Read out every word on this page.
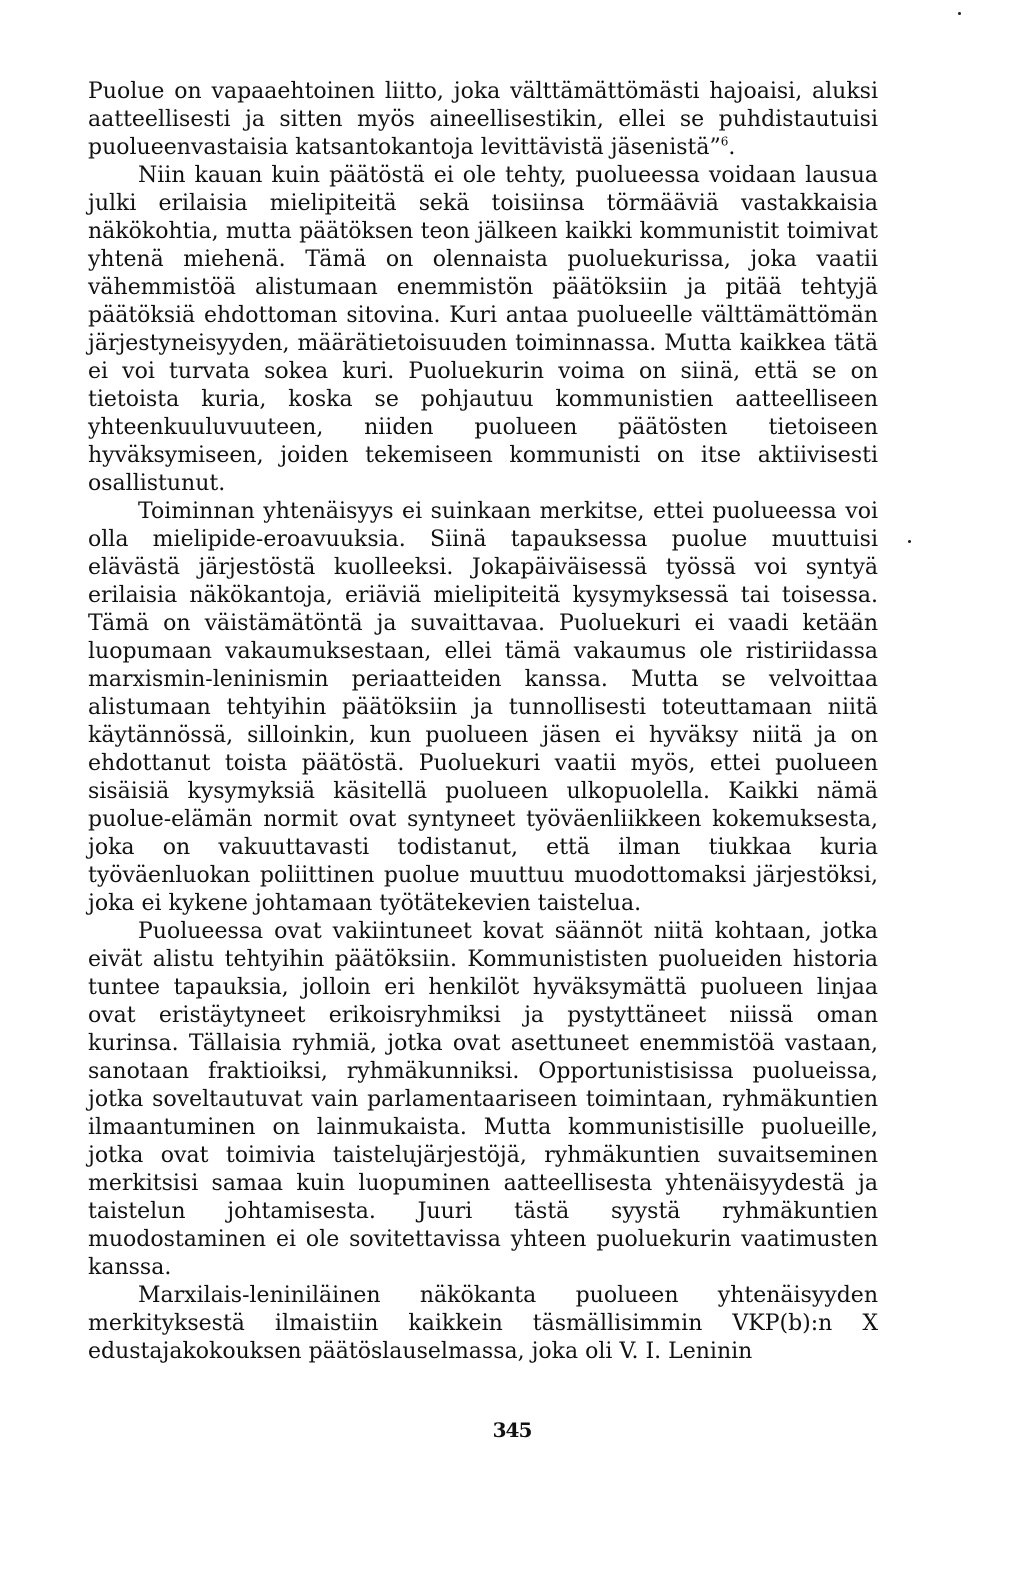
Puolue on vapaaehtoinen liitto, joka välttämättömästi hajoaisi, aluksi aatteellisesti ja sitten myös aineellisestikin, ellei se puhdistautuisi puolueenvastaisia katsantokantoja levittävistä jäsenistä”$^6$.

Niin kauan kuin päätöstä ei ole tehty, puolueessa voidaan lausua julki erilaisia mielipiteitä sekä toisiinsa törmääviä vastakkaisia näkökohtia, mutta päätöksen teon jälkeen kaikki kommunistit toimivat yhtenä miehenä. Tämä on olennaista puoluekurissa, joka vaatii vähemmistöä alistumaan enemmistön päätöksiin ja pitää tehtyjä päätöksiä ehdottoman sitovina. Kuri antaa puolueelle välttämättömän järjestyneisyyden, määrätietoisuuden toiminnassa. Mutta kaikkea tätä ei voi turvata sokea kuri. Puoluekurin voima on siinä, että se on tietoista kuria, koska se pohjautuu kommunistien aatteelliseen yhteenkuuluvuuteen, niiden puolueen päätösten tietoiseen hyväksymiseen, joiden tekemiseen kommunisti on itse aktiivisesti osallistunut.

Toiminnan yhtenäisyys ei suinkaan merkitse, ettei puolueessa voi olla mielipide-eroavuuksia. Siinä tapauksessa puolue muuttuisi elävästä järjestöstä kuolleeksi. Jokapäiväisessä työssä voi syntyä erilaisia näkökantoja, eriäviä mielipiteitä kysymyksessä tai toisessa. Tämä on väistämätöntä ja suvaittavaa. Puoluekuri ei vaadi ketään luopumaan vakaumuksestaan, ellei tämä vakaumus ole ristiriidassa marxismin-leninismin periaatteiden kanssa. Mutta se velvoittaa alistumaan tehtyihin päätöksiin ja tunnollisesti toteuttamaan niitä käytännössä, silloinkin, kun puolueen jäsen ei hyväksy niitä ja on ehdottanut toista päätöstä. Puoluekuri vaatii myös, ettei puolueen sisäisiä kysymyksiä käsitellä puolueen ulkopuolella. Kaikki nämä puolue-elämän normit ovat syntyneet työväenliikkeen kokemuksesta, joka on vakuuttavasti todistanut, että ilman tiukkaa kuria työväenluokan poliittinen puolue muuttuu muodottomaksi järjestöksi, joka ei kykene johtamaan työtätekevien taistelua.

Puolueessa ovat vakiintuneet kovat säännöt niitä kohtaan, jotka eivät alistu tehtyihin päätöksiin. Kommunististen puolueiden historia tuntee tapauksia, jolloin eri henkilöt hyväksymättä puolueen linjaa ovat eristäytyneet erikoisryhmiksi ja pystyttäneet niissä oman kurinsa. Tällaisia ryhmiä, jotka ovat asettuneet enemmistöä vastaan, sanotaan fraktioiksi, ryhmäkunniksi. Opportunistisissa puolueissa, jotka soveltautuvat vain parlamentaariseen toimintaan, ryhmäkuntien ilmaantuminen on lainmukaista. Mutta kommunistisille puolueille, jotka ovat toimivia taistelujärjestöjä, ryhmäkuntien suvaitseminen merkitsisi samaa kuin luopuminen aatteellisesta yhtenäisyydestä ja taistelun johtamisesta. Juuri tästä syystä ryhmäkuntien muodostaminen ei ole sovitettavissa yhteen puoluekurin vaatimusten kanssa.

Marxilais-leniniläinen näkökanta puolueen yhtenäisyyden merkityksestä ilmaistiin kaikkein täsmällisimmin VKP(b):n X edustajakokouksen päätöslauselmassa, joka oli V. I. Leninin

345
